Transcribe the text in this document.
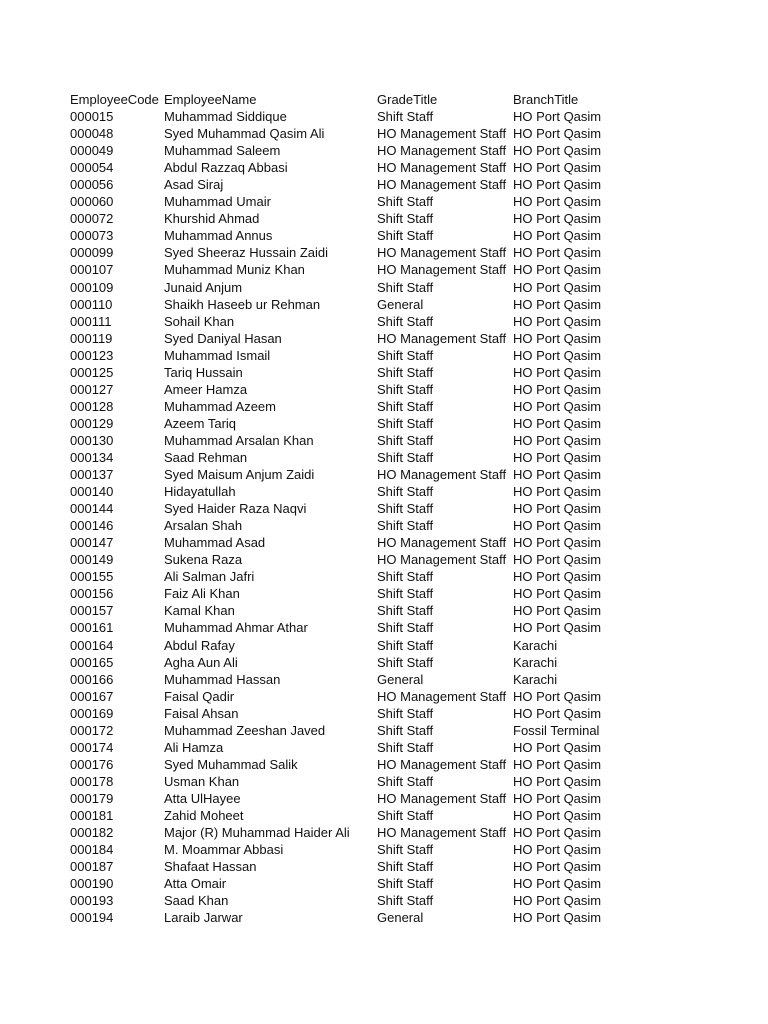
EmployeeCode	EmployeeName	GradeTitle	BranchTitle
000015	Muhammad Siddique	Shift Staff	HO Port Qasim
000048	Syed Muhammad Qasim Ali	HO Management Staff	HO Port Qasim
000049	Muhammad Saleem	HO Management Staff	HO Port Qasim
000054	Abdul Razzaq Abbasi	HO Management Staff	HO Port Qasim
000056	Asad Siraj	HO Management Staff	HO Port Qasim
000060	Muhammad Umair	Shift Staff	HO Port Qasim
000072	Khurshid Ahmad	Shift Staff	HO Port Qasim
000073	Muhammad Annus	Shift Staff	HO Port Qasim
000099	Syed Sheeraz Hussain Zaidi	HO Management Staff	HO Port Qasim
000107	Muhammad Muniz Khan	HO Management Staff	HO Port Qasim
000109	Junaid Anjum	Shift Staff	HO Port Qasim
000110	Shaikh Haseeb ur Rehman	General	HO Port Qasim
000111	Sohail Khan	Shift Staff	HO Port Qasim
000119	Syed Daniyal Hasan	HO Management Staff	HO Port Qasim
000123	Muhammad Ismail	Shift Staff	HO Port Qasim
000125	Tariq Hussain	Shift Staff	HO Port Qasim
000127	Ameer Hamza	Shift Staff	HO Port Qasim
000128	Muhammad Azeem	Shift Staff	HO Port Qasim
000129	Azeem Tariq	Shift Staff	HO Port Qasim
000130	Muhammad Arsalan Khan	Shift Staff	HO Port Qasim
000134	Saad Rehman	Shift Staff	HO Port Qasim
000137	Syed Maisum Anjum Zaidi	HO Management Staff	HO Port Qasim
000140	Hidayatullah	Shift Staff	HO Port Qasim
000144	Syed Haider Raza Naqvi	Shift Staff	HO Port Qasim
000146	Arsalan Shah	Shift Staff	HO Port Qasim
000147	Muhammad Asad	HO Management Staff	HO Port Qasim
000149	Sukena Raza	HO Management Staff	HO Port Qasim
000155	Ali Salman Jafri	Shift Staff	HO Port Qasim
000156	Faiz Ali Khan	Shift Staff	HO Port Qasim
000157	Kamal Khan	Shift Staff	HO Port Qasim
000161	Muhammad Ahmar Athar	Shift Staff	HO Port Qasim
000164	Abdul Rafay	Shift Staff	Karachi
000165	Agha Aun Ali	Shift Staff	Karachi
000166	Muhammad Hassan	General	Karachi
000167	Faisal Qadir	HO Management Staff	HO Port Qasim
000169	Faisal Ahsan	Shift Staff	HO Port Qasim
000172	Muhammad Zeeshan Javed	Shift Staff	Fossil Terminal
000174	Ali Hamza	Shift Staff	HO Port Qasim
000176	Syed Muhammad Salik	HO Management Staff	HO Port Qasim
000178	Usman Khan	Shift Staff	HO Port Qasim
000179	Atta UlHayee	HO Management Staff	HO Port Qasim
000181	Zahid Moheet	Shift Staff	HO Port Qasim
000182	Major (R) Muhammad Haider Ali	HO Management Staff	HO Port Qasim
000184	M. Moammar Abbasi	Shift Staff	HO Port Qasim
000187	Shafaat Hassan	Shift Staff	HO Port Qasim
000190	Atta Omair	Shift Staff	HO Port Qasim
000193	Saad Khan	Shift Staff	HO Port Qasim
000194	Laraib Jarwar	General	HO Port Qasim
